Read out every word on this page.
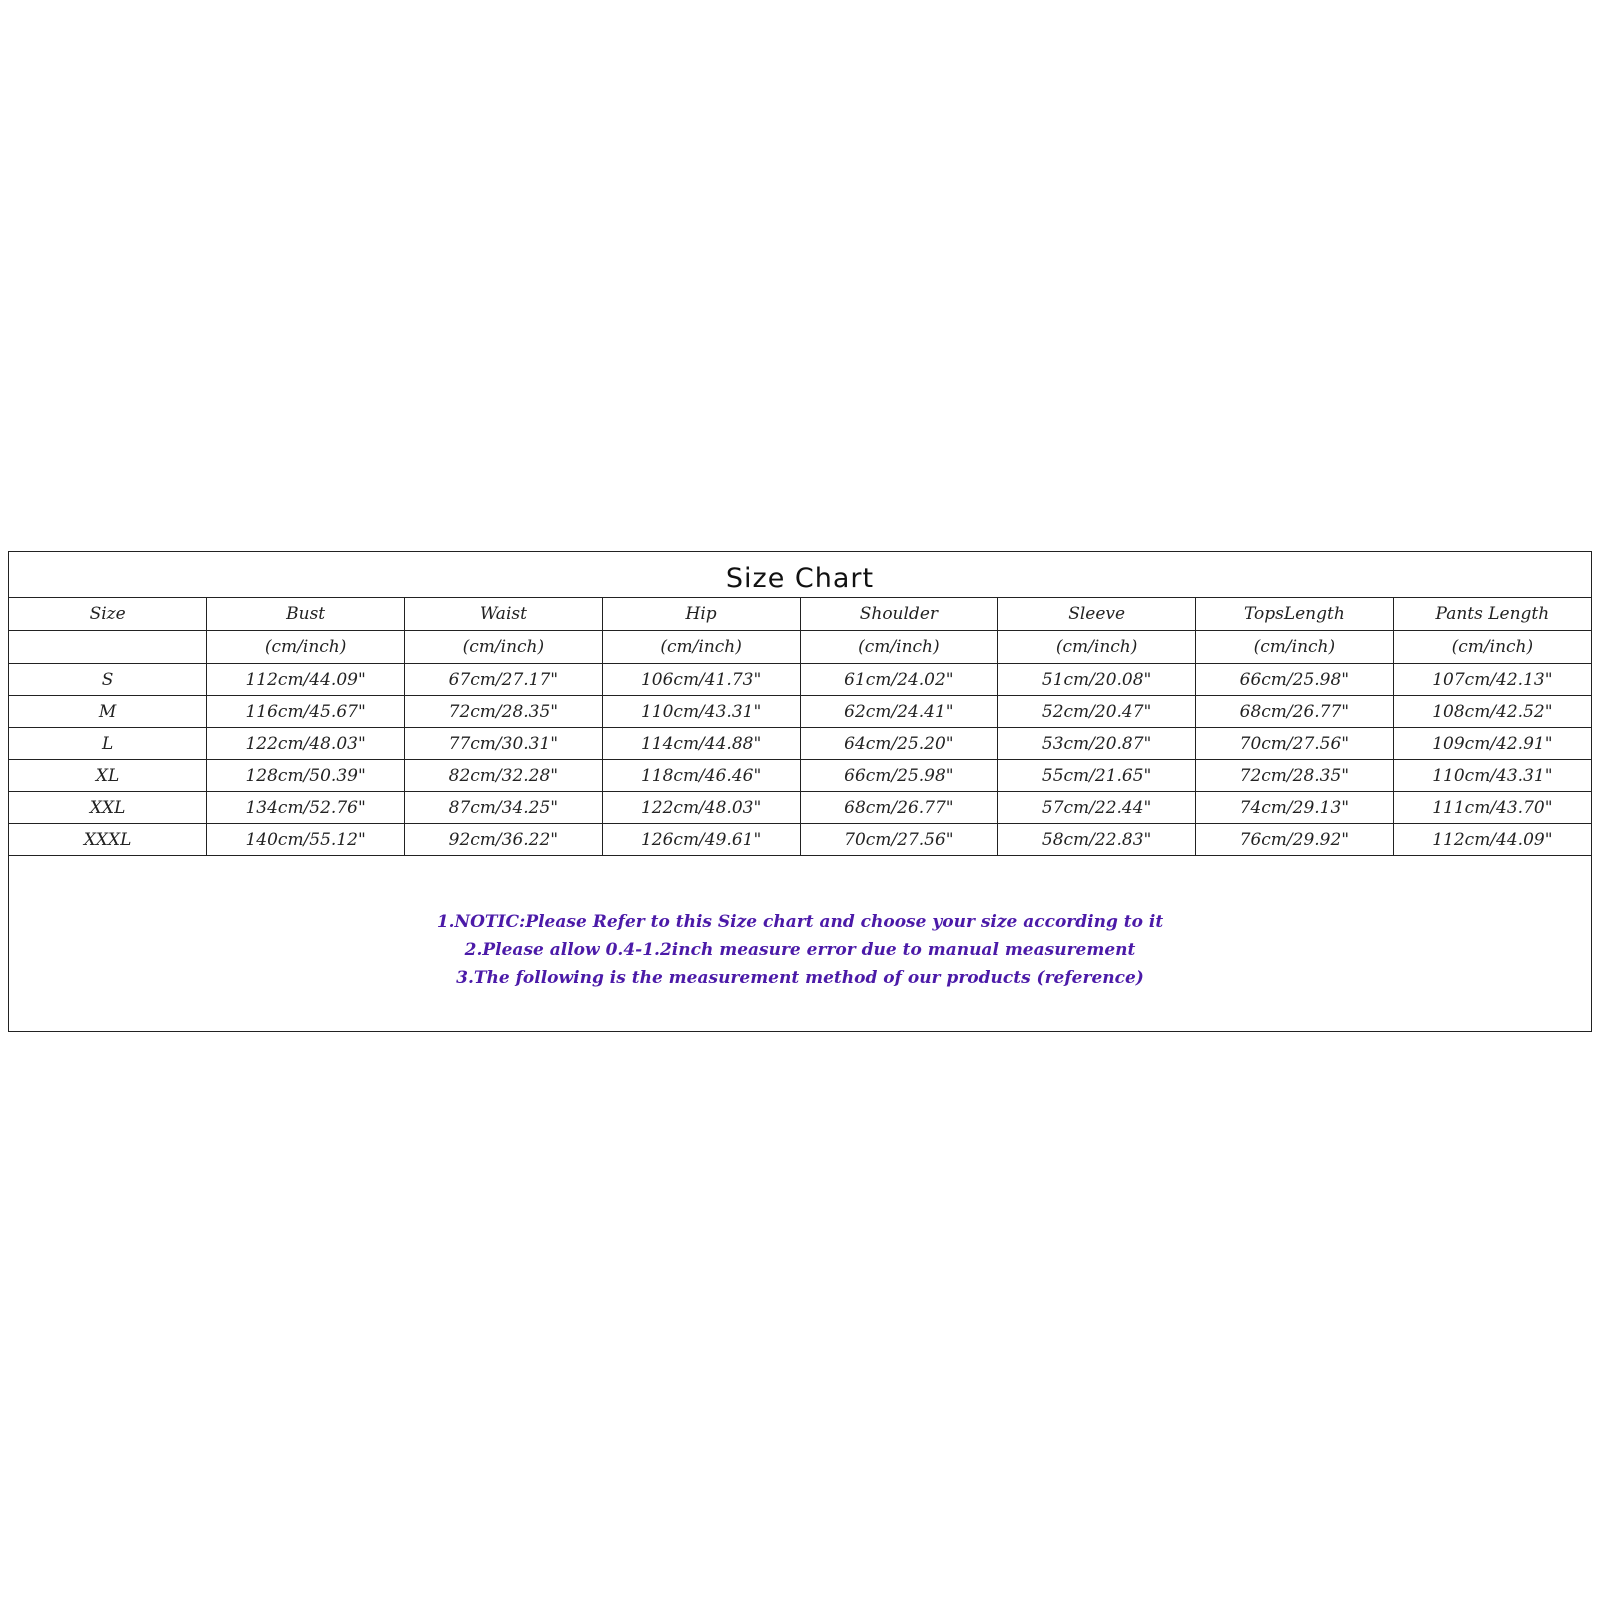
Size Chart
Size	Bust	Waist	Hip	Shoulder	Sleeve	TopsLength	Pants Length
	(cm/inch)	(cm/inch)	(cm/inch)	(cm/inch)	(cm/inch)	(cm/inch)	(cm/inch)
S	112cm/44.09"	67cm/27.17"	106cm/41.73"	61cm/24.02"	51cm/20.08"	66cm/25.98"	107cm/42.13"
M	116cm/45.67"	72cm/28.35"	110cm/43.31"	62cm/24.41"	52cm/20.47"	68cm/26.77"	108cm/42.52"
L	122cm/48.03"	77cm/30.31"	114cm/44.88"	64cm/25.20"	53cm/20.87"	70cm/27.56"	109cm/42.91"
XL	128cm/50.39"	82cm/32.28"	118cm/46.46"	66cm/25.98"	55cm/21.65"	72cm/28.35"	110cm/43.31"
XXL	134cm/52.76"	87cm/34.25"	122cm/48.03"	68cm/26.77"	57cm/22.44"	74cm/29.13"	111cm/43.70"
XXXL	140cm/55.12"	92cm/36.22"	126cm/49.61"	70cm/27.56"	58cm/22.83"	76cm/29.92"	112cm/44.09"
1.NOTIC:Please Refer to this Size chart and choose your size according to it
2.Please allow 0.4-1.2inch measure error due to manual measurement
3.The following is the measurement method of our products (reference)
